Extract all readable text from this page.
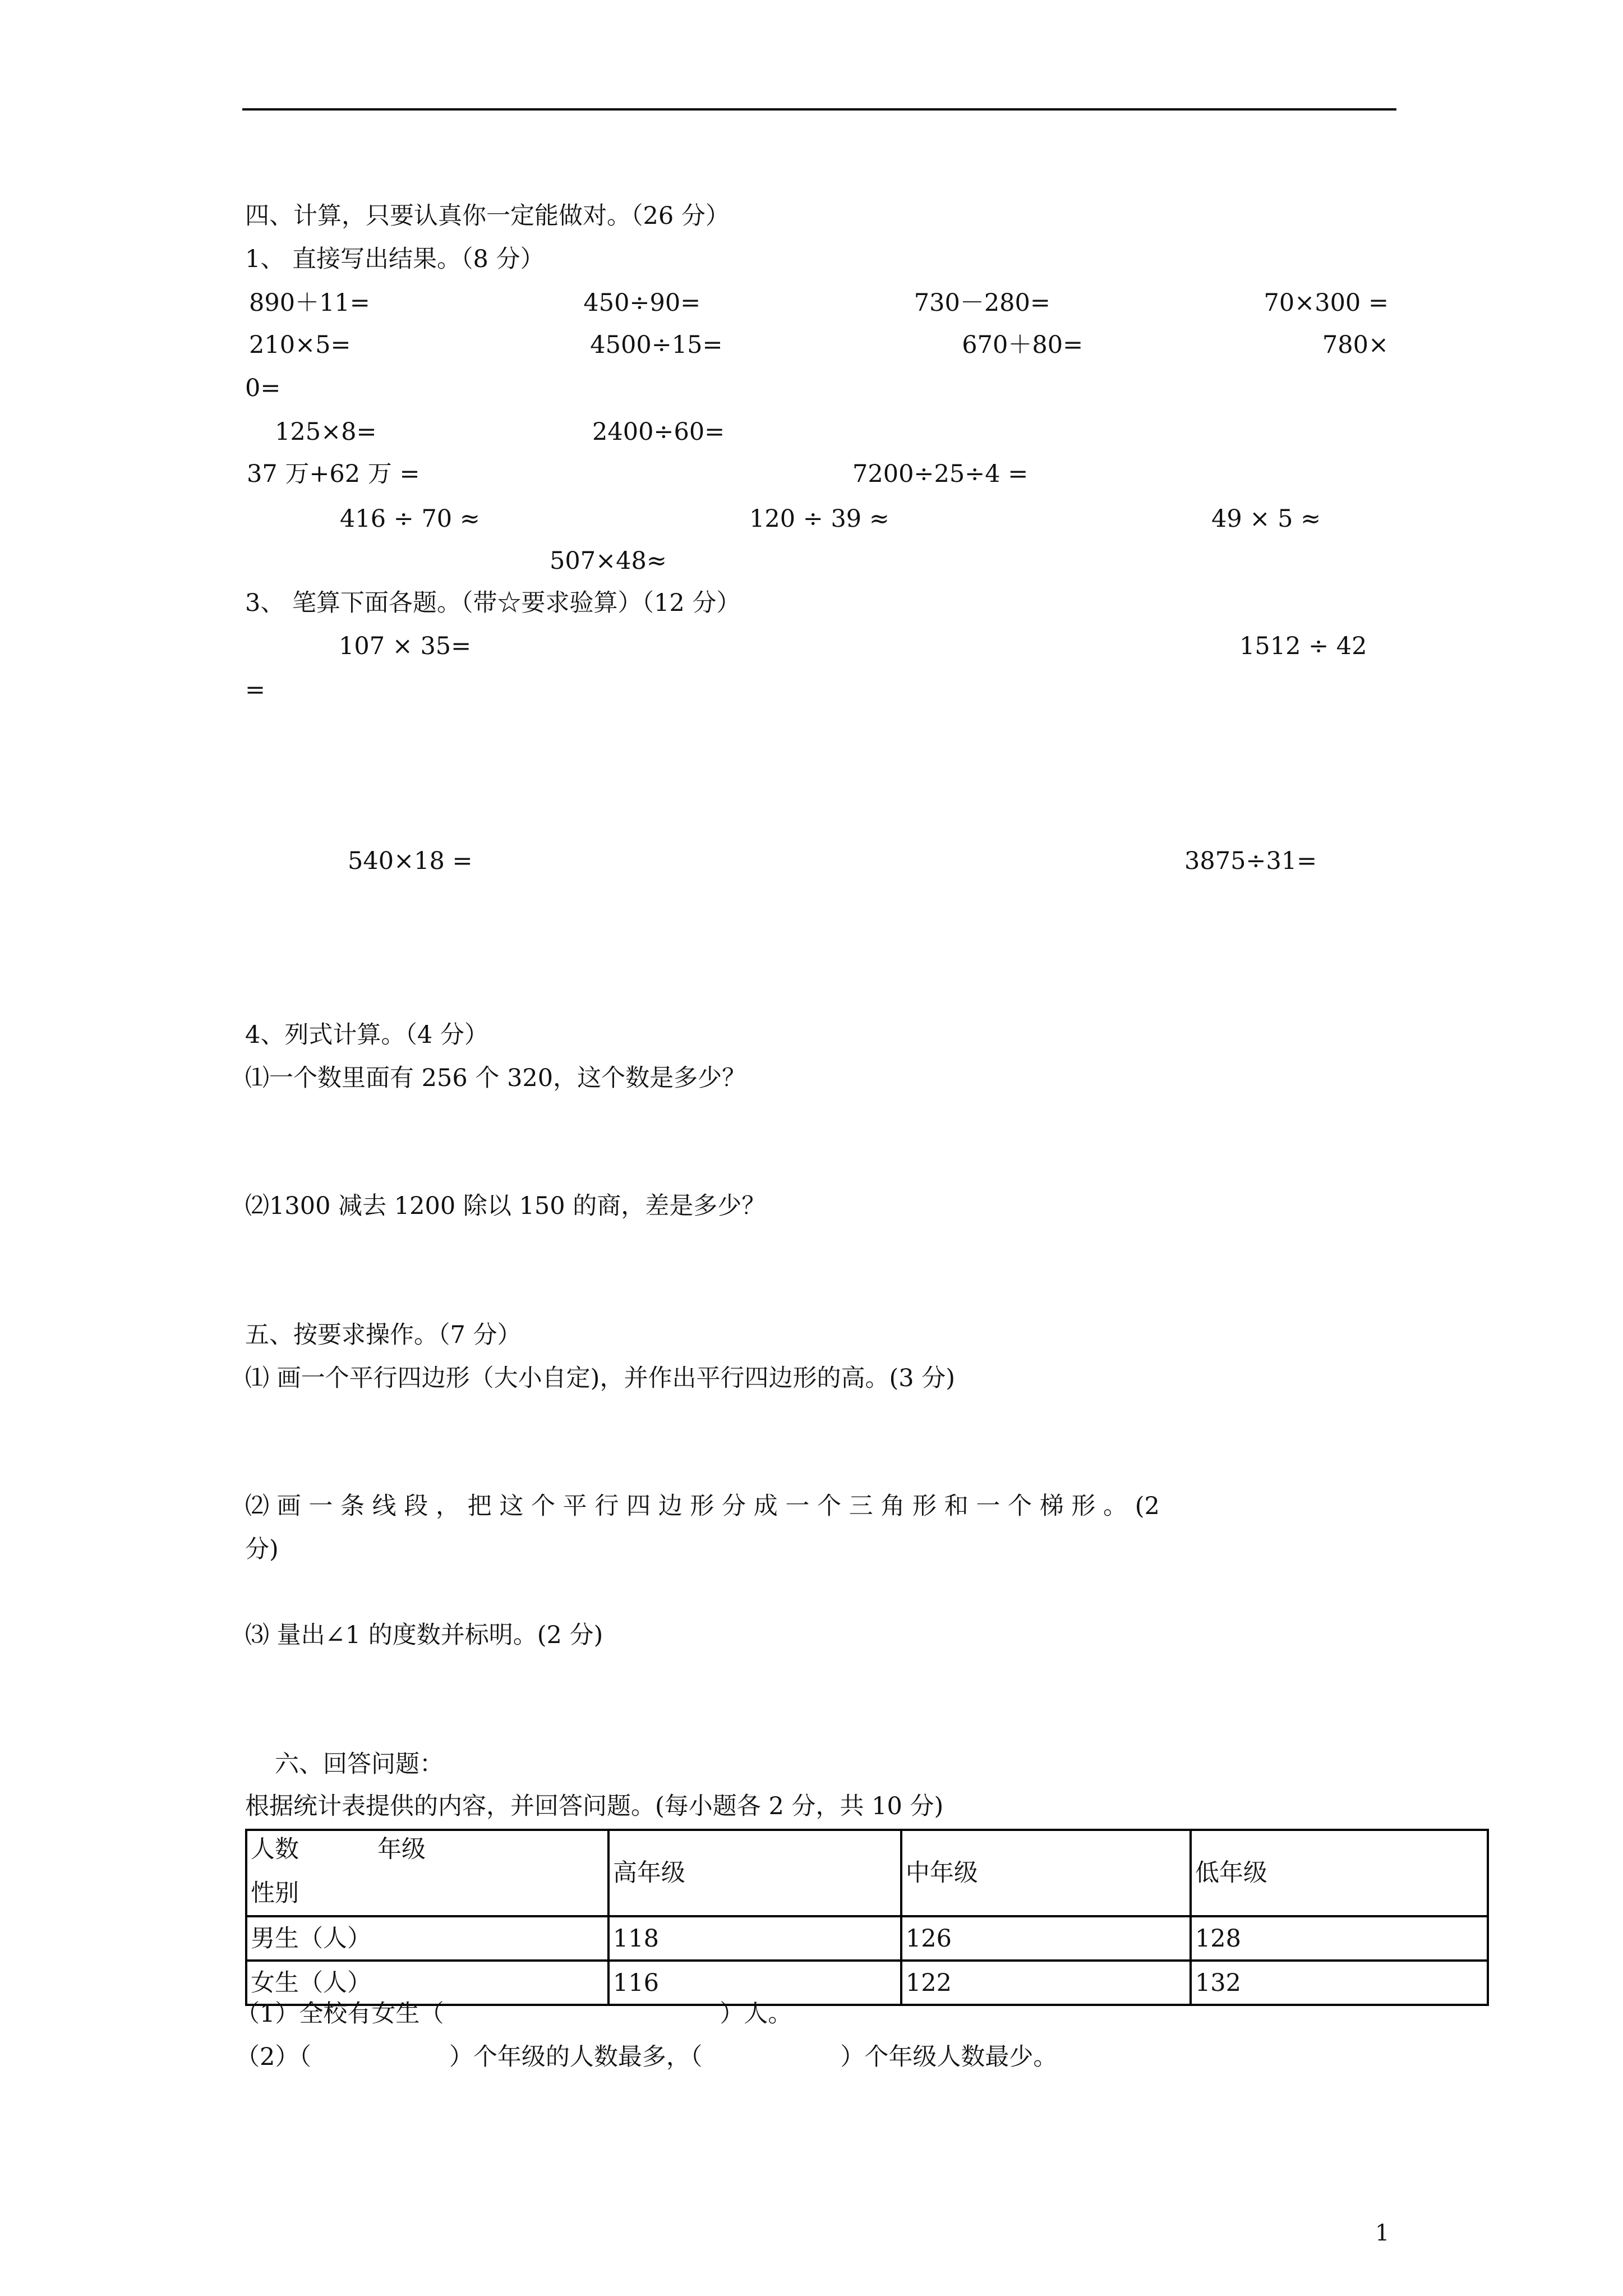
四、计算，只要认真你一定能做对。（26 分）
1、 直接写出结果。（8 分）
890＋11=	450÷90=	730－280=	70×300 =
210×5=	4500÷15=	670＋80=	780×
0=
125×8=	2400÷60=
37 万+62 万 =	7200÷25÷4 =
416 ÷ 70 ≈	120 ÷ 39 ≈	49 × 5 ≈
507×48≈
3、 笔算下面各题。（带☆要求验算）（12 分）
107 × 35=	1512 ÷ 42
=
540×18 =	3875÷31=
4、列式计算。（4 分）
⑴一个数里面有 256 个 320，这个数是多少？
⑵1300 减去 1200 除以 150 的商，差是多少？
五、按要求操作。（7 分）
⑴ 画一个平行四边形（大小自定)，并作出平行四边形的高。(3 分)
⑵ 画 一 条 线 段 ， 把 这 个 平 行 四 边 形 分 成 一 个 三 角 形 和 一 个 梯 形 。 (2
分)
⑶ 量出∠1 的度数并标明。(2 分)
六、回答问题：
根据统计表提供的内容，并回答问题。(每小题各 2 分，共 10 分)
人数 年级
性别	高年级	中年级	低年级
男生（人）	118	126	128
女生（人）	116	122	132
（1）全校有女生（                                    ）人。
（2）（                  ）个年级的人数最多，（                  ）个年级人数最少。
1
